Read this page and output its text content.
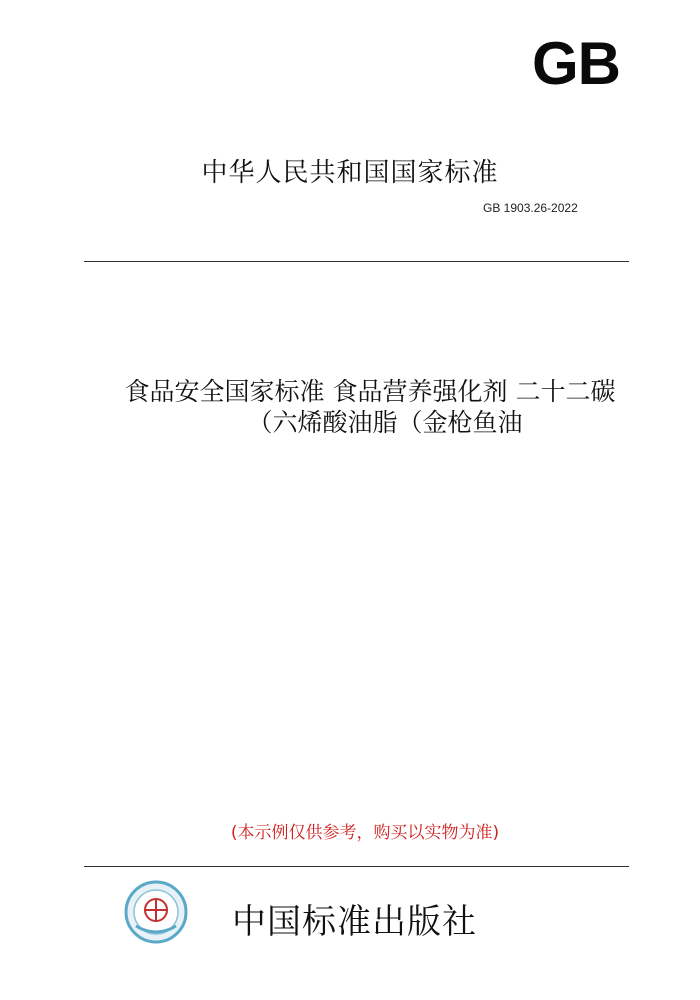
GB
中华人民共和国国家标准
GB 1903.26-2022
食品安全国家标准 食品营养强化剂 二十二碳
（六烯酸油脂（金枪鱼油
(本示例仅供参考，购买以实物为准)
中国标准出版社
